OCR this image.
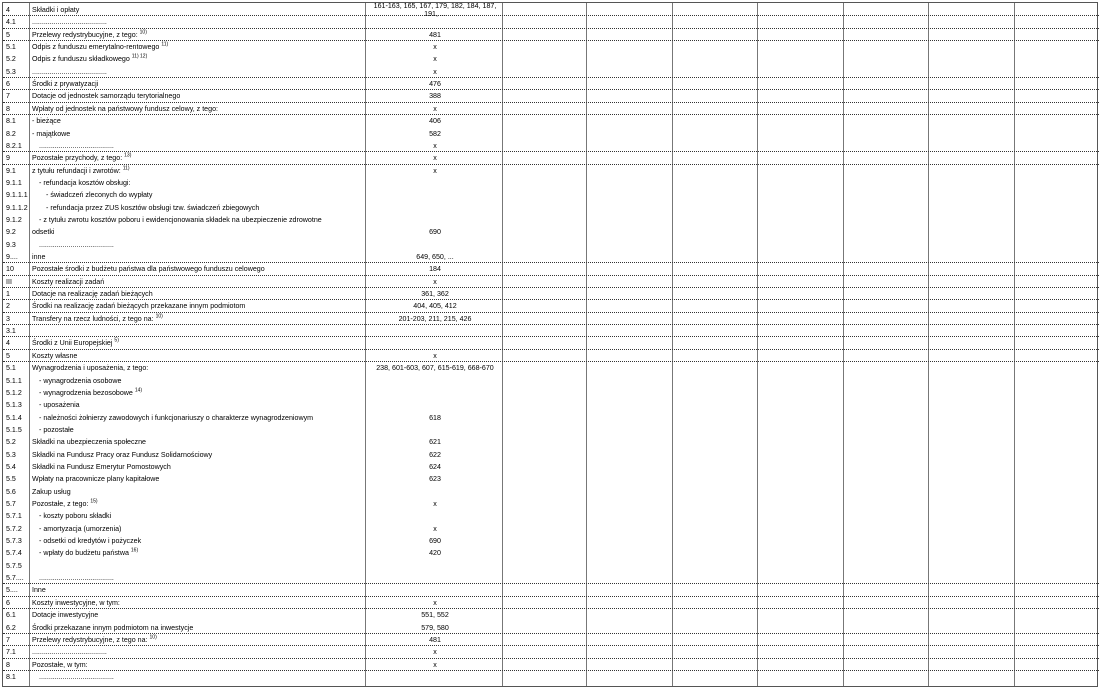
4	Składki i opłaty	161-163, 165, 167, 179, 182, 184, 187,
191, ...
4.1 ......................................
5	Przelewy redystrybucyjne, z tego: $^{10)}$	481
5.1 Odpis z funduszu emerytalno-rentowego $^{11)}$	x
5.2 Odpis z funduszu składkowego $^{11) 12)}$	x
5.3 ......................................	x
6	Środki z prywatyzacji	476
7	Dotacje od jednostek samorządu terytorialnego	388
8	Wpłaty od jednostek na państwowy fundusz celowy, z tego:	x
8.1 - bieżące	406
8.2 - majątkowe	582
8.2.1 ......................................	x
9	Pozostałe przychody, z tego: $^{13)}$	x
9.1 z tytułu refundacji i zwrotów: $^{11)}$	x
9.1.1 - refundacja kosztów obsługi:
9.1.1.1	- świadczeń zleconych do wypłaty
9.1.1.2	- refundacja przez ZUS kosztów obsługi tzw. świadczeń zbiegowych
9.1.2 - z tytułu zwrotu kosztów poboru i ewidencjonowania składek na ubezpieczenie zdrowotne
9.2 odsetki	690
9.3	......................................
9.... inne	649, 650, ...
10	Pozostałe środki z budżetu państwa dla państwowego funduszu celowego	184
III	Koszty realizacji zadań	x
1	Dotacje na realizację zadań bieżących	361, 362
2	Środki na realizację zadań bieżących przekazane innym podmiotom	404, 405, 412
3	Transfery na rzecz ludności, z tego na: $^{10)}$	201-203, 211, 215, 426
3.1
4	Środki z Unii Europejskiej $^{5)}$
5	Koszty własne	x
5.1 Wynagrodzenia i uposażenia, z tego:	238, 601-603, 607, 615-619, 668-670
5.1.1 - wynagrodzenia osobowe
5.1.2 - wynagrodzenia bezosobowe $^{14)}$
5.1.3 - uposażenia
5.1.4 - należności żołnierzy zawodowych i funkcjonariuszy o charakterze wynagrodzeniowym	618
5.1.5 - pozostałe
5.2 Składki na ubezpieczenia społeczne	621
5.3 Składki na Fundusz Pracy oraz Fundusz Solidarnościowy	622
5.4 Składki na Fundusz Emerytur Pomostowych	624
5.5 Wpłaty na pracownicze plany kapitałowe	623
5.6 Zakup usług
5.7 Pozostałe, z tego: $^{15)}$	x
5.7.1 - koszty poboru składki
5.7.2 - amortyzacja (umorzenia)	x
5.7.3 - odsetki od kredytów i pożyczek	690
5.7.4 - wpłaty do budżetu państwa $^{16)}$	420
5.7.5
5.7.... ......................................
5.... Inne
6	Koszty inwestycyjne, w tym:	x
6.1 Dotacje inwestycyjne	551, 552
6.2 Środki przekazane innym podmiotom na inwestycje	579, 580
7	Przelewy redystrybucyjne, z tego na: $^{10)}$	481
7.1 ......................................	x
8	Pozostałe, w tym:	x
8.1	......................................
